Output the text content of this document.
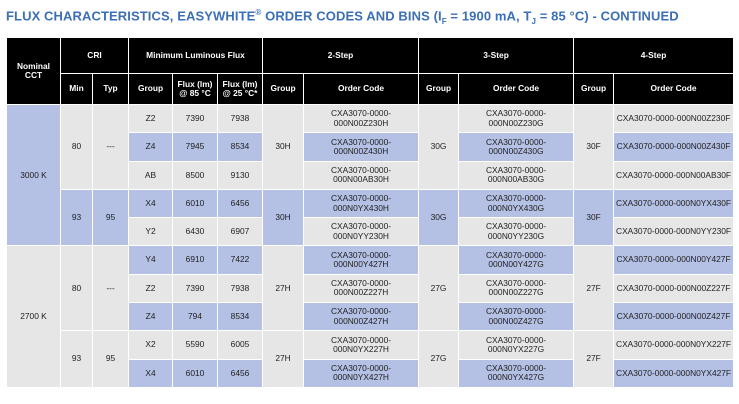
FLUX CHARACTERISTICS, EASYWHITE® ORDER CODES AND BINS ($I_F = 1900$ mA, $T_J = 85$ °C) - CONTINUED
Nominal CCT	CRI		Minimum Luminous Flux			2-Step		3-Step		4-Step	
	Min	Typ	Group	Flux (lm) @ 85 °C	Flux (lm) @ 25 °C*	Group	Order Code	Group	Order Code	Group	Order Code
3000 K	80	---	Z2	7390	7938	30H	CXA3070-0000-000N00Z230H	30G	CXA3070-0000-000N00Z230G	30F	CXA3070-0000-000N00Z230F
			Z4	7945	8534		CXA3070-0000-000N00Z430H		CXA3070-0000-000N00Z430G		CXA3070-0000-000N00Z430F
			AB	8500	9130		CXA3070-0000-000N00AB30H		CXA3070-0000-000N00AB30G		CXA3070-0000-000N00AB30F
	93	95	X4	6010	6456	30H	CXA3070-0000-000N0YX430H	30G	CXA3070-0000-000N0YX430G	30F	CXA3070-0000-000N0YX430F
			Y2	6430	6907		CXA3070-0000-000N0YY230H		CXA3070-0000-000N0YY230G		CXA3070-0000-000N0YY230F
2700 K	80	---	Y4	6910	7422	27H	CXA3070-0000-000N00Y427H	27G	CXA3070-0000-000N00Y427G	27F	CXA3070-0000-000N00Y427F
			Z2	7390	7938		CXA3070-0000-000N00Z227H		CXA3070-0000-000N00Z227G		CXA3070-0000-000N00Z227F
			Z4	794	8534		CXA3070-0000-000N00Z427H		CXA3070-0000-000N00Z427G		CXA3070-0000-000N00Z427F
	93	95	X2	5590	6005	27H	CXA3070-0000-000N0YX227H	27G	CXA3070-0000-000N0YX227G	27F	CXA3070-0000-000N0YX227F
			X4	6010	6456		CXA3070-0000-000N0YX427H		CXA3070-0000-000N0YX427G		CXA3070-0000-000N0YX427F
